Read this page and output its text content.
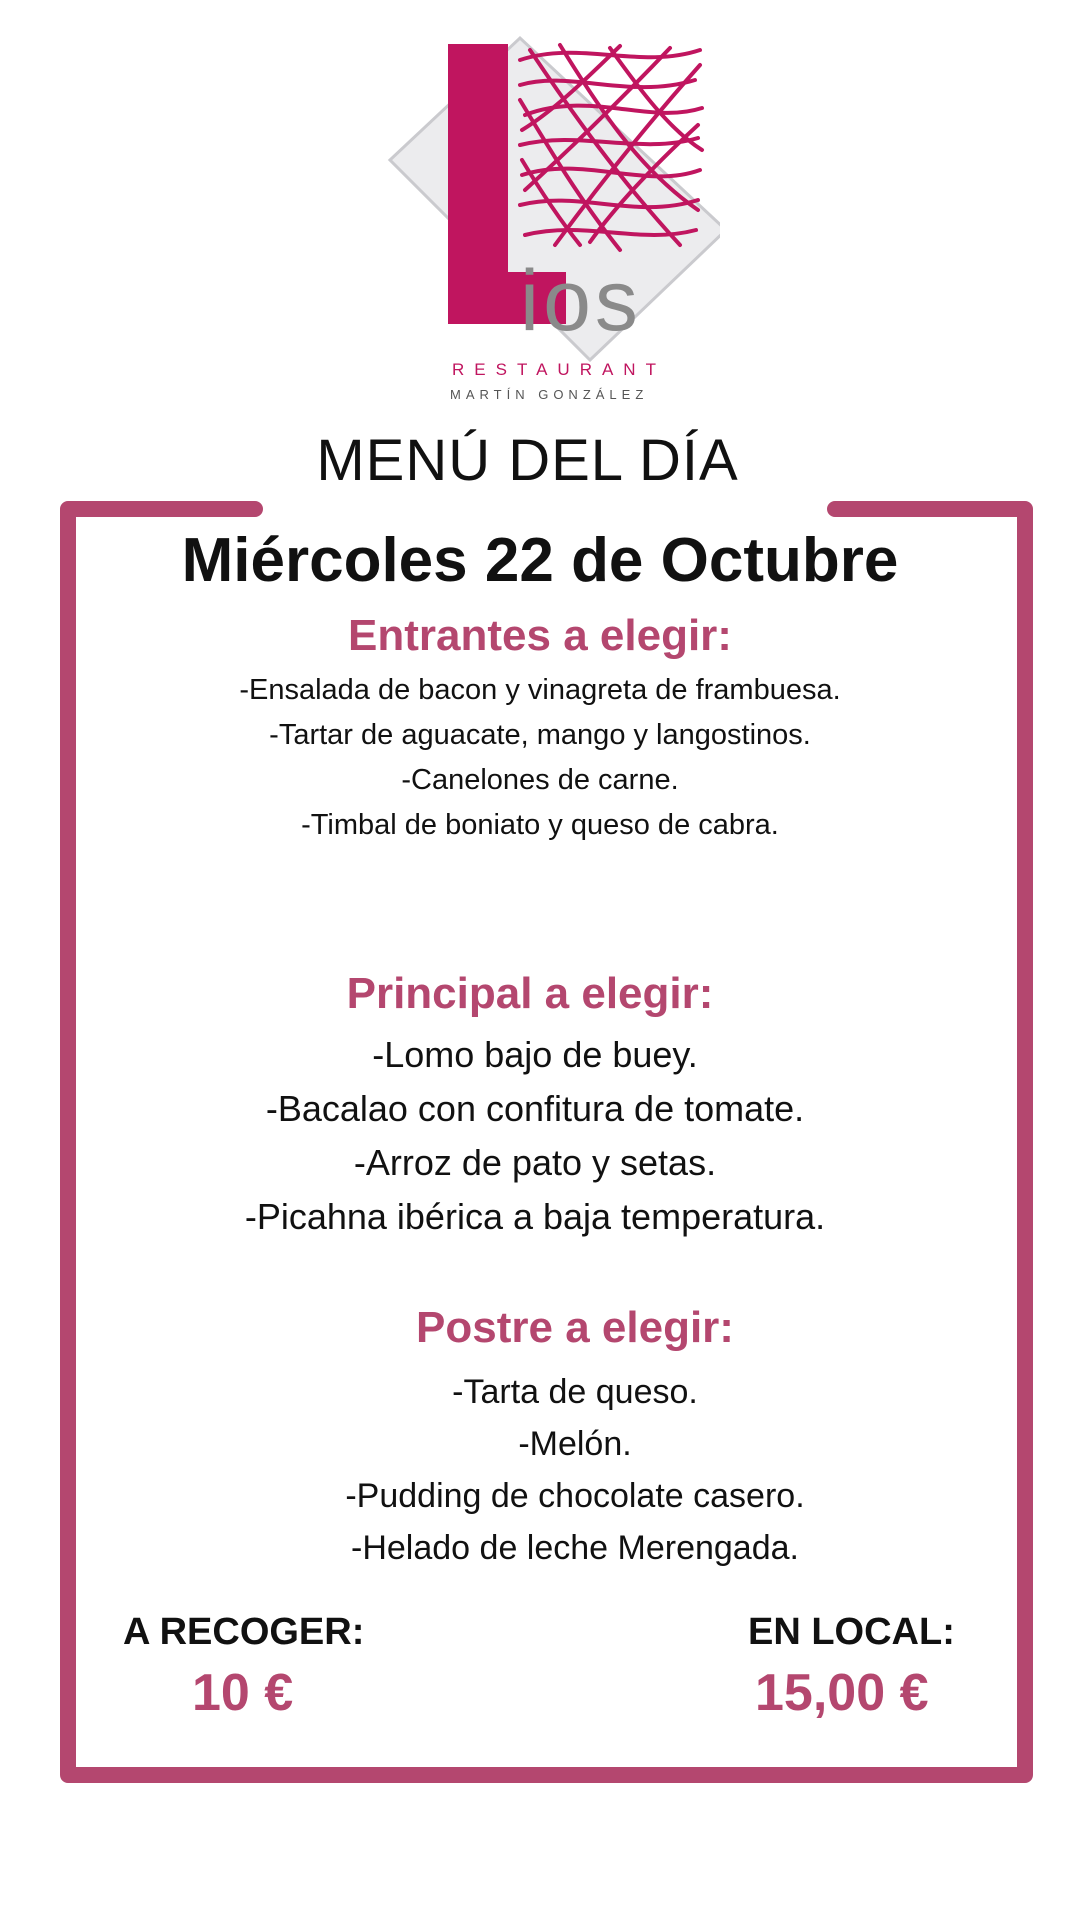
ios
RESTAURANT
MARTÍN GONZÁLEZ
MENÚ DEL DÍA
Miércoles 22 de Octubre
Entrantes a elegir:
-Ensalada de bacon y vinagreta de frambuesa.
-Tartar de aguacate, mango y langostinos.
-Canelones de carne.
-Timbal de boniato y queso de cabra.
Principal a elegir:
-Lomo bajo de buey.
-Bacalao con confitura de tomate.
-Arroz de pato y setas.
-Picahna ibérica a baja temperatura.
Postre a elegir:
-Tarta de queso.
-Melón.
-Pudding de chocolate casero.
-Helado de leche Merengada.
A RECOGER:
10 €
EN LOCAL:
15,00 €
